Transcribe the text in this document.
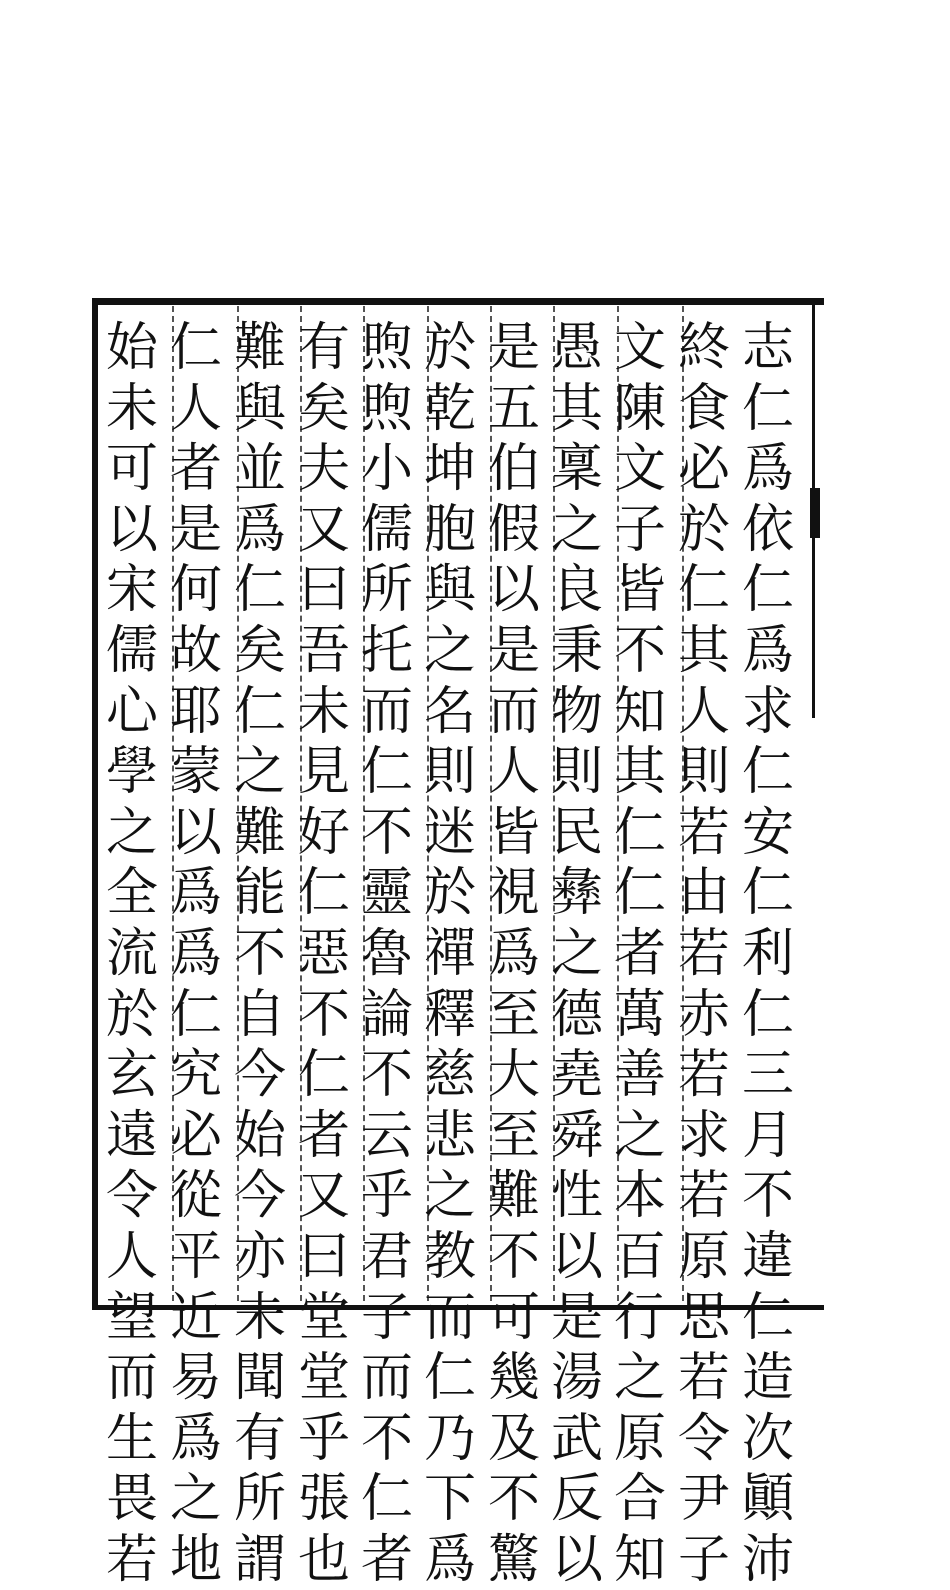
志
仁
爲
依
仁
爲
求
仁
安
仁
利
仁
三
月
不
違
仁
造
次
顚
沛
終
食
必
於
仁
其
人
則
若
由
若
赤
若
求
若
原
思
若
令
尹
子
文
陳
文
子
皆
不
知
其
仁
仁
者
萬
善
之
本
百
行
之
原
合
知
愚
其
稟
之
良
秉
物
則
民
彝
之
德
堯
舜
性
以
是
湯
武
反
以
是
五
伯
假
以
是
而
人
皆
視
爲
至
大
至
難
不
可
幾
及
不
驚
於
乾
坤
胞
與
之
名
則
迷
於
禪
釋
慈
悲
之
教
而
仁
乃
下
爲
煦
煦
小
儒
所
托
而
仁
不
靈
魯
論
不
云
乎
君
子
而
不
仁
者
有
矣
夫
又
曰
吾
未
見
好
仁
惡
不
仁
者
又
曰
堂
堂
乎
張
也
難
與
並
爲
仁
矣
仁
之
難
能
不
自
今
始
今
亦
未
聞
有
所
謂
仁
人
者
是
何
故
耶
蒙
以
爲
爲
仁
究
必
從
平
近
易
爲
之
地
始
未
可
以
宋
儒
心
學
之
全
流
於
玄
遠
令
人
望
而
生
畏
若
